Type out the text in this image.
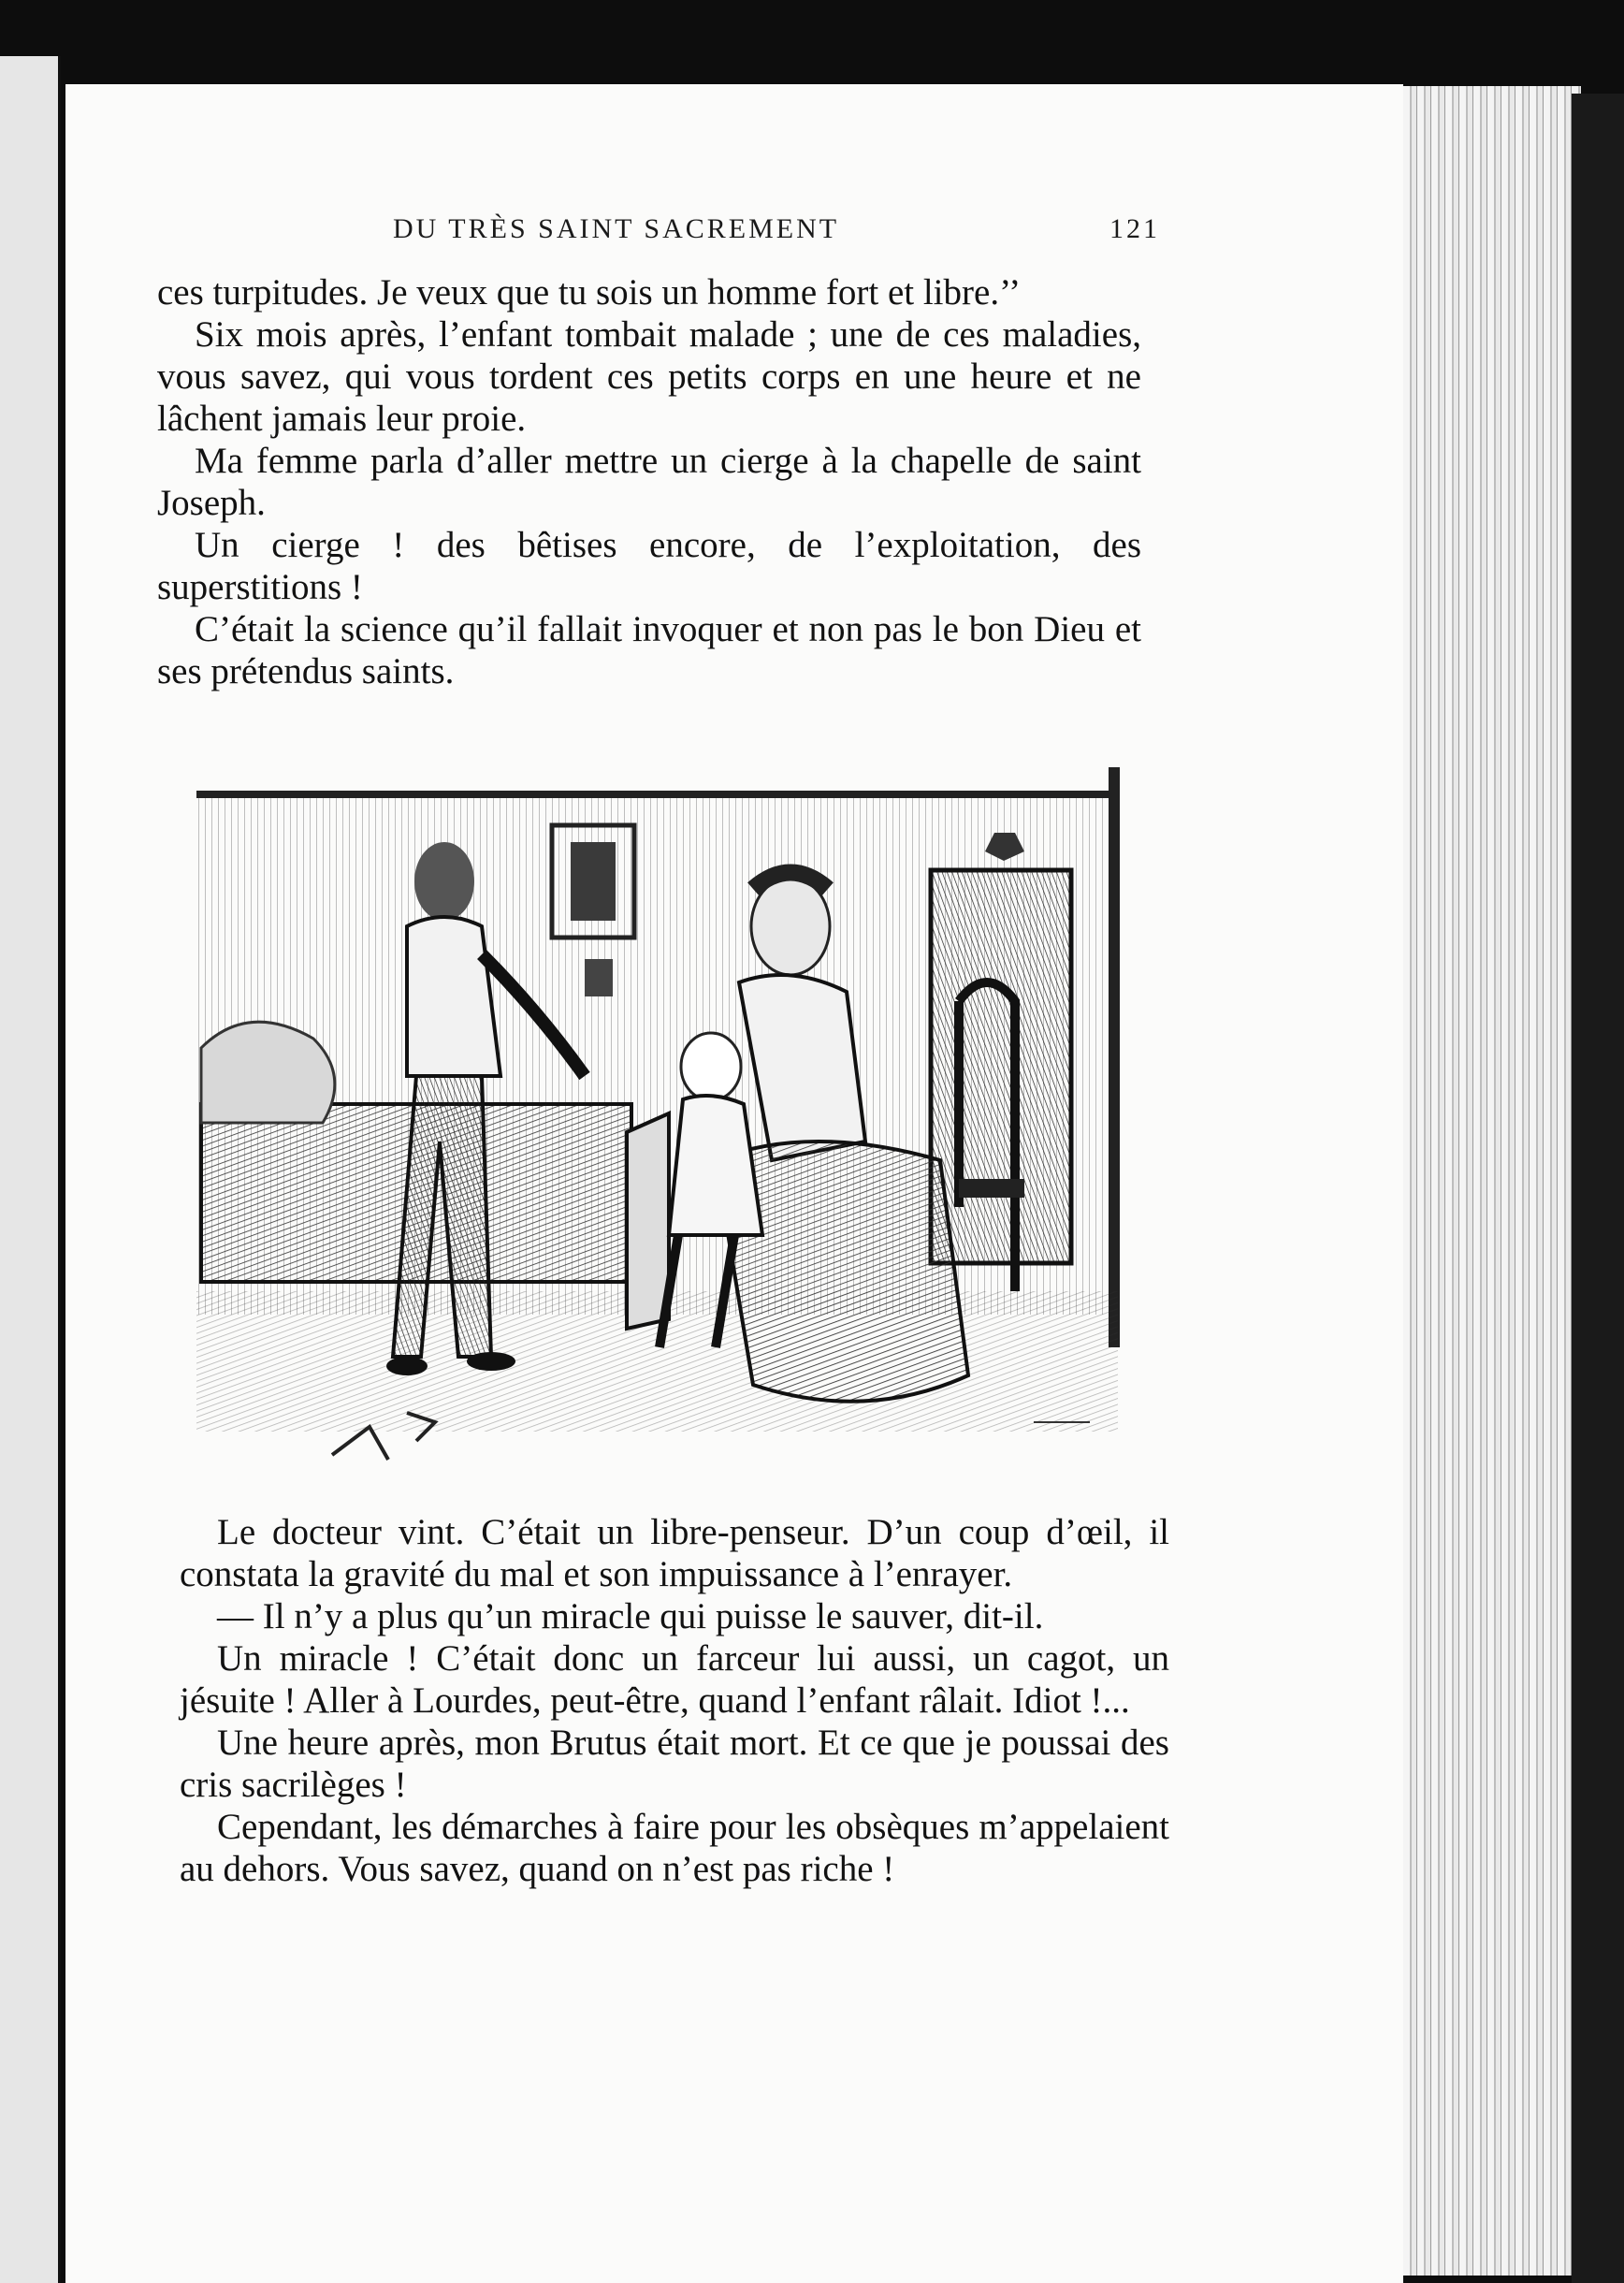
DU TRÈS SAINT SACREMENT	121

ces turpitudes. Je veux que tu sois un homme fort et libre.’’

Six mois après, l’enfant tombait malade ; une de ces maladies, vous savez, qui vous tordent ces petits corps en une heure et ne lâchent jamais leur proie.

Ma femme parla d’aller mettre un cierge à la chapelle de saint Joseph.

Un cierge ! des bêtises encore, de l’exploitation, des superstitions !

C’était la science qu’il fallait invoquer et non pas le bon Dieu et ses prétendus saints.

Le docteur vint. C’était un libre-penseur. D’un coup d’œil, il constata la gravité du mal et son impuissance à l’enrayer.

— Il n’y a plus qu’un miracle qui puisse le sauver, dit-il.

Un miracle ! C’était donc un farceur lui aussi, un cagot, un jésuite ! Aller à Lourdes, peut-être, quand l’enfant râlait. Idiot !...

Une heure après, mon Brutus était mort. Et ce que je poussai des cris sacrilèges !

Cependant, les démarches à faire pour les obsèques m’appelaient au dehors. Vous savez, quand on n’est pas riche !
